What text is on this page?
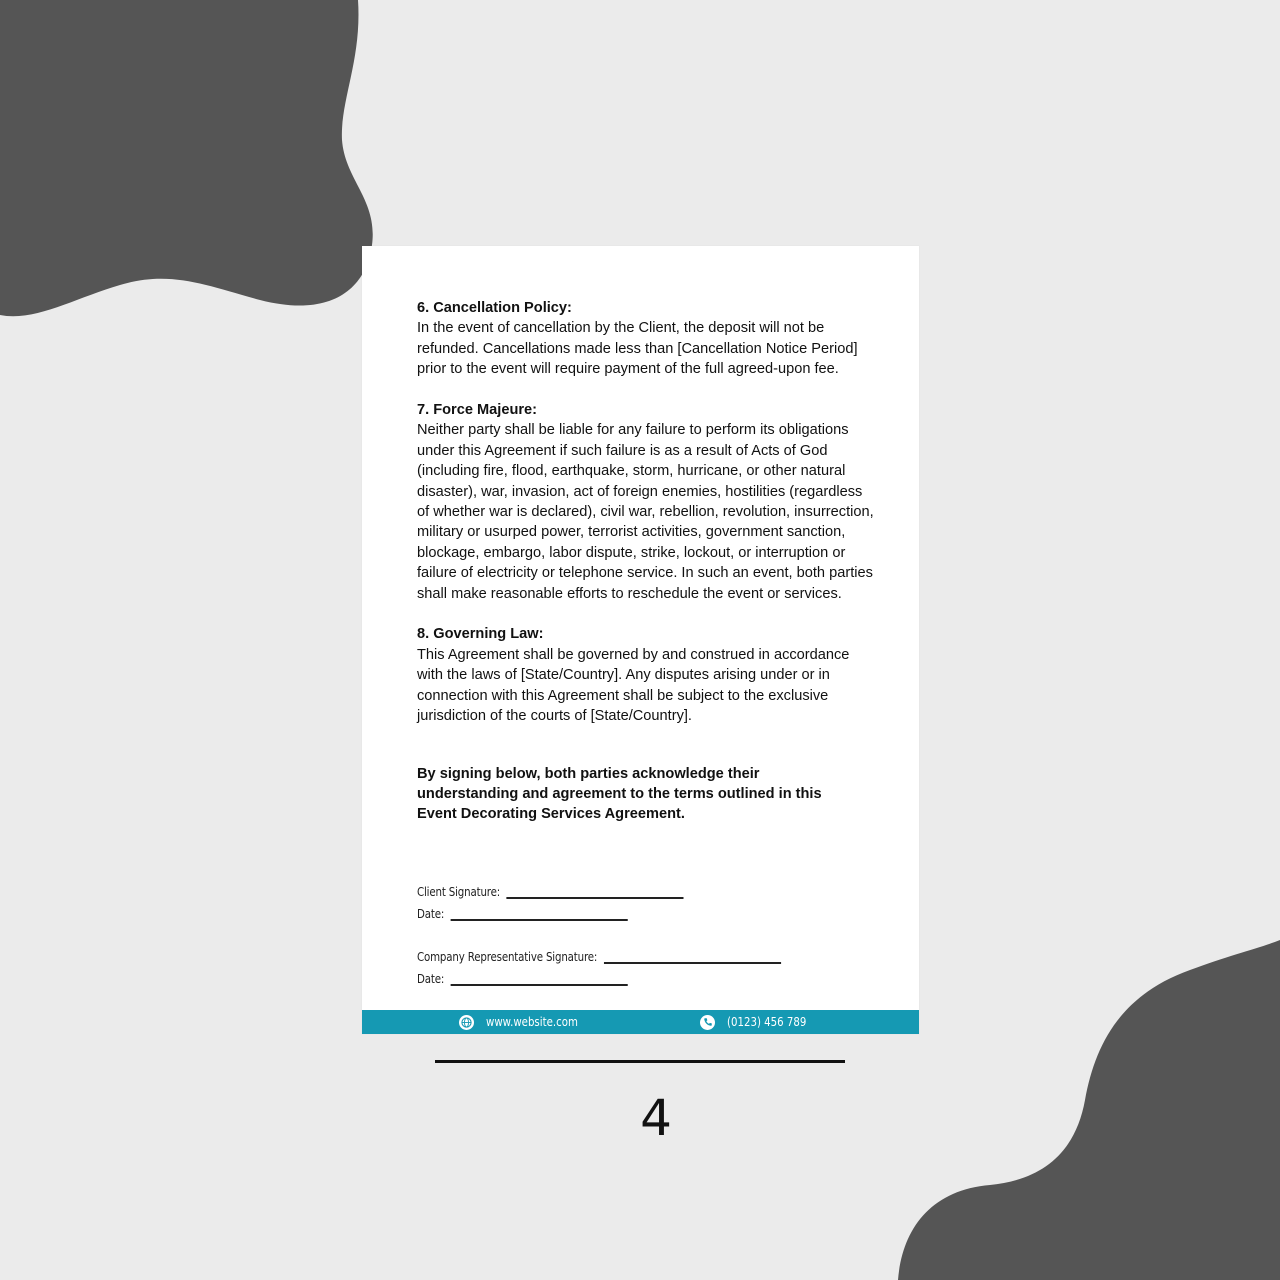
6. Cancellation Policy:
In the event of cancellation by the Client, the deposit will not be refunded. Cancellations made less than [Cancellation Notice Period] prior to the event will require payment of the full agreed-upon fee.
7. Force Majeure:
Neither party shall be liable for any failure to perform its obligations under this Agreement if such failure is as a result of Acts of God (including fire, flood, earthquake, storm, hurricane, or other natural disaster), war, invasion, act of foreign enemies, hostilities (regardless of whether war is declared), civil war, rebellion, revolution, insurrection, military or usurped power, terrorist activities, government sanction, blockage, embargo, labor dispute, strike, lockout, or interruption or failure of electricity or telephone service. In such an event, both parties shall make reasonable efforts to reschedule the event or services.
8. Governing Law:
This Agreement shall be governed by and construed in accordance with the laws of [State/Country]. Any disputes arising under or in connection with this Agreement shall be subject to the exclusive jurisdiction of the courts of [State/Country].
By signing below, both parties acknowledge their understanding and agreement to the terms outlined in this Event Decorating Services Agreement.
Client Signature:
Date:
Company Representative Signature:
Date:
www.website.com	(0123) 456 789
4
